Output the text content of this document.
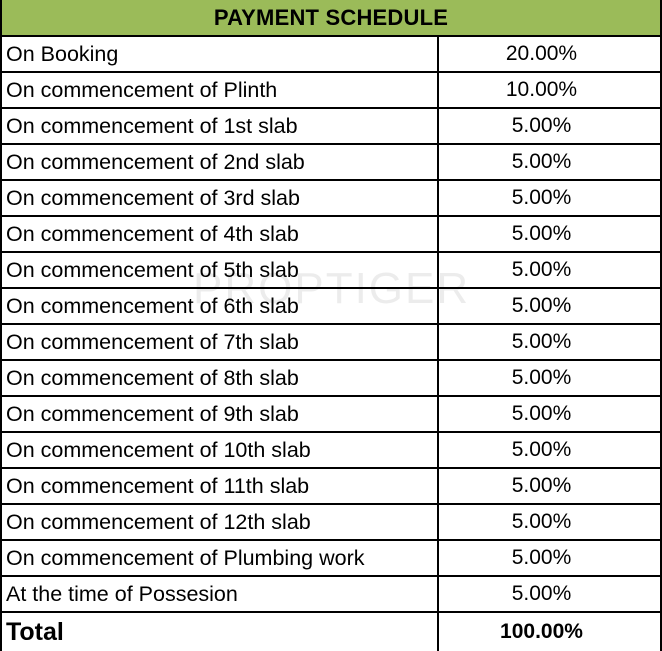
PAYMENT SCHEDULE
On Booking	20.00%
On commencement of Plinth	10.00%
On commencement of 1st slab	5.00%
On commencement of 2nd slab	5.00%
On commencement of 3rd slab	5.00%
On commencement of 4th slab	5.00%
On commencement of 5th slab	5.00%
On commencement of 6th slab	5.00%
On commencement of 7th slab	5.00%
On commencement of 8th slab	5.00%
On commencement of 9th slab	5.00%
On commencement of 10th slab	5.00%
On commencement of 11th slab	5.00%
On commencement of 12th slab	5.00%
On commencement of Plumbing work	5.00%
At the time of Possesion	5.00%
Total	100.00%
PROPTIGER
